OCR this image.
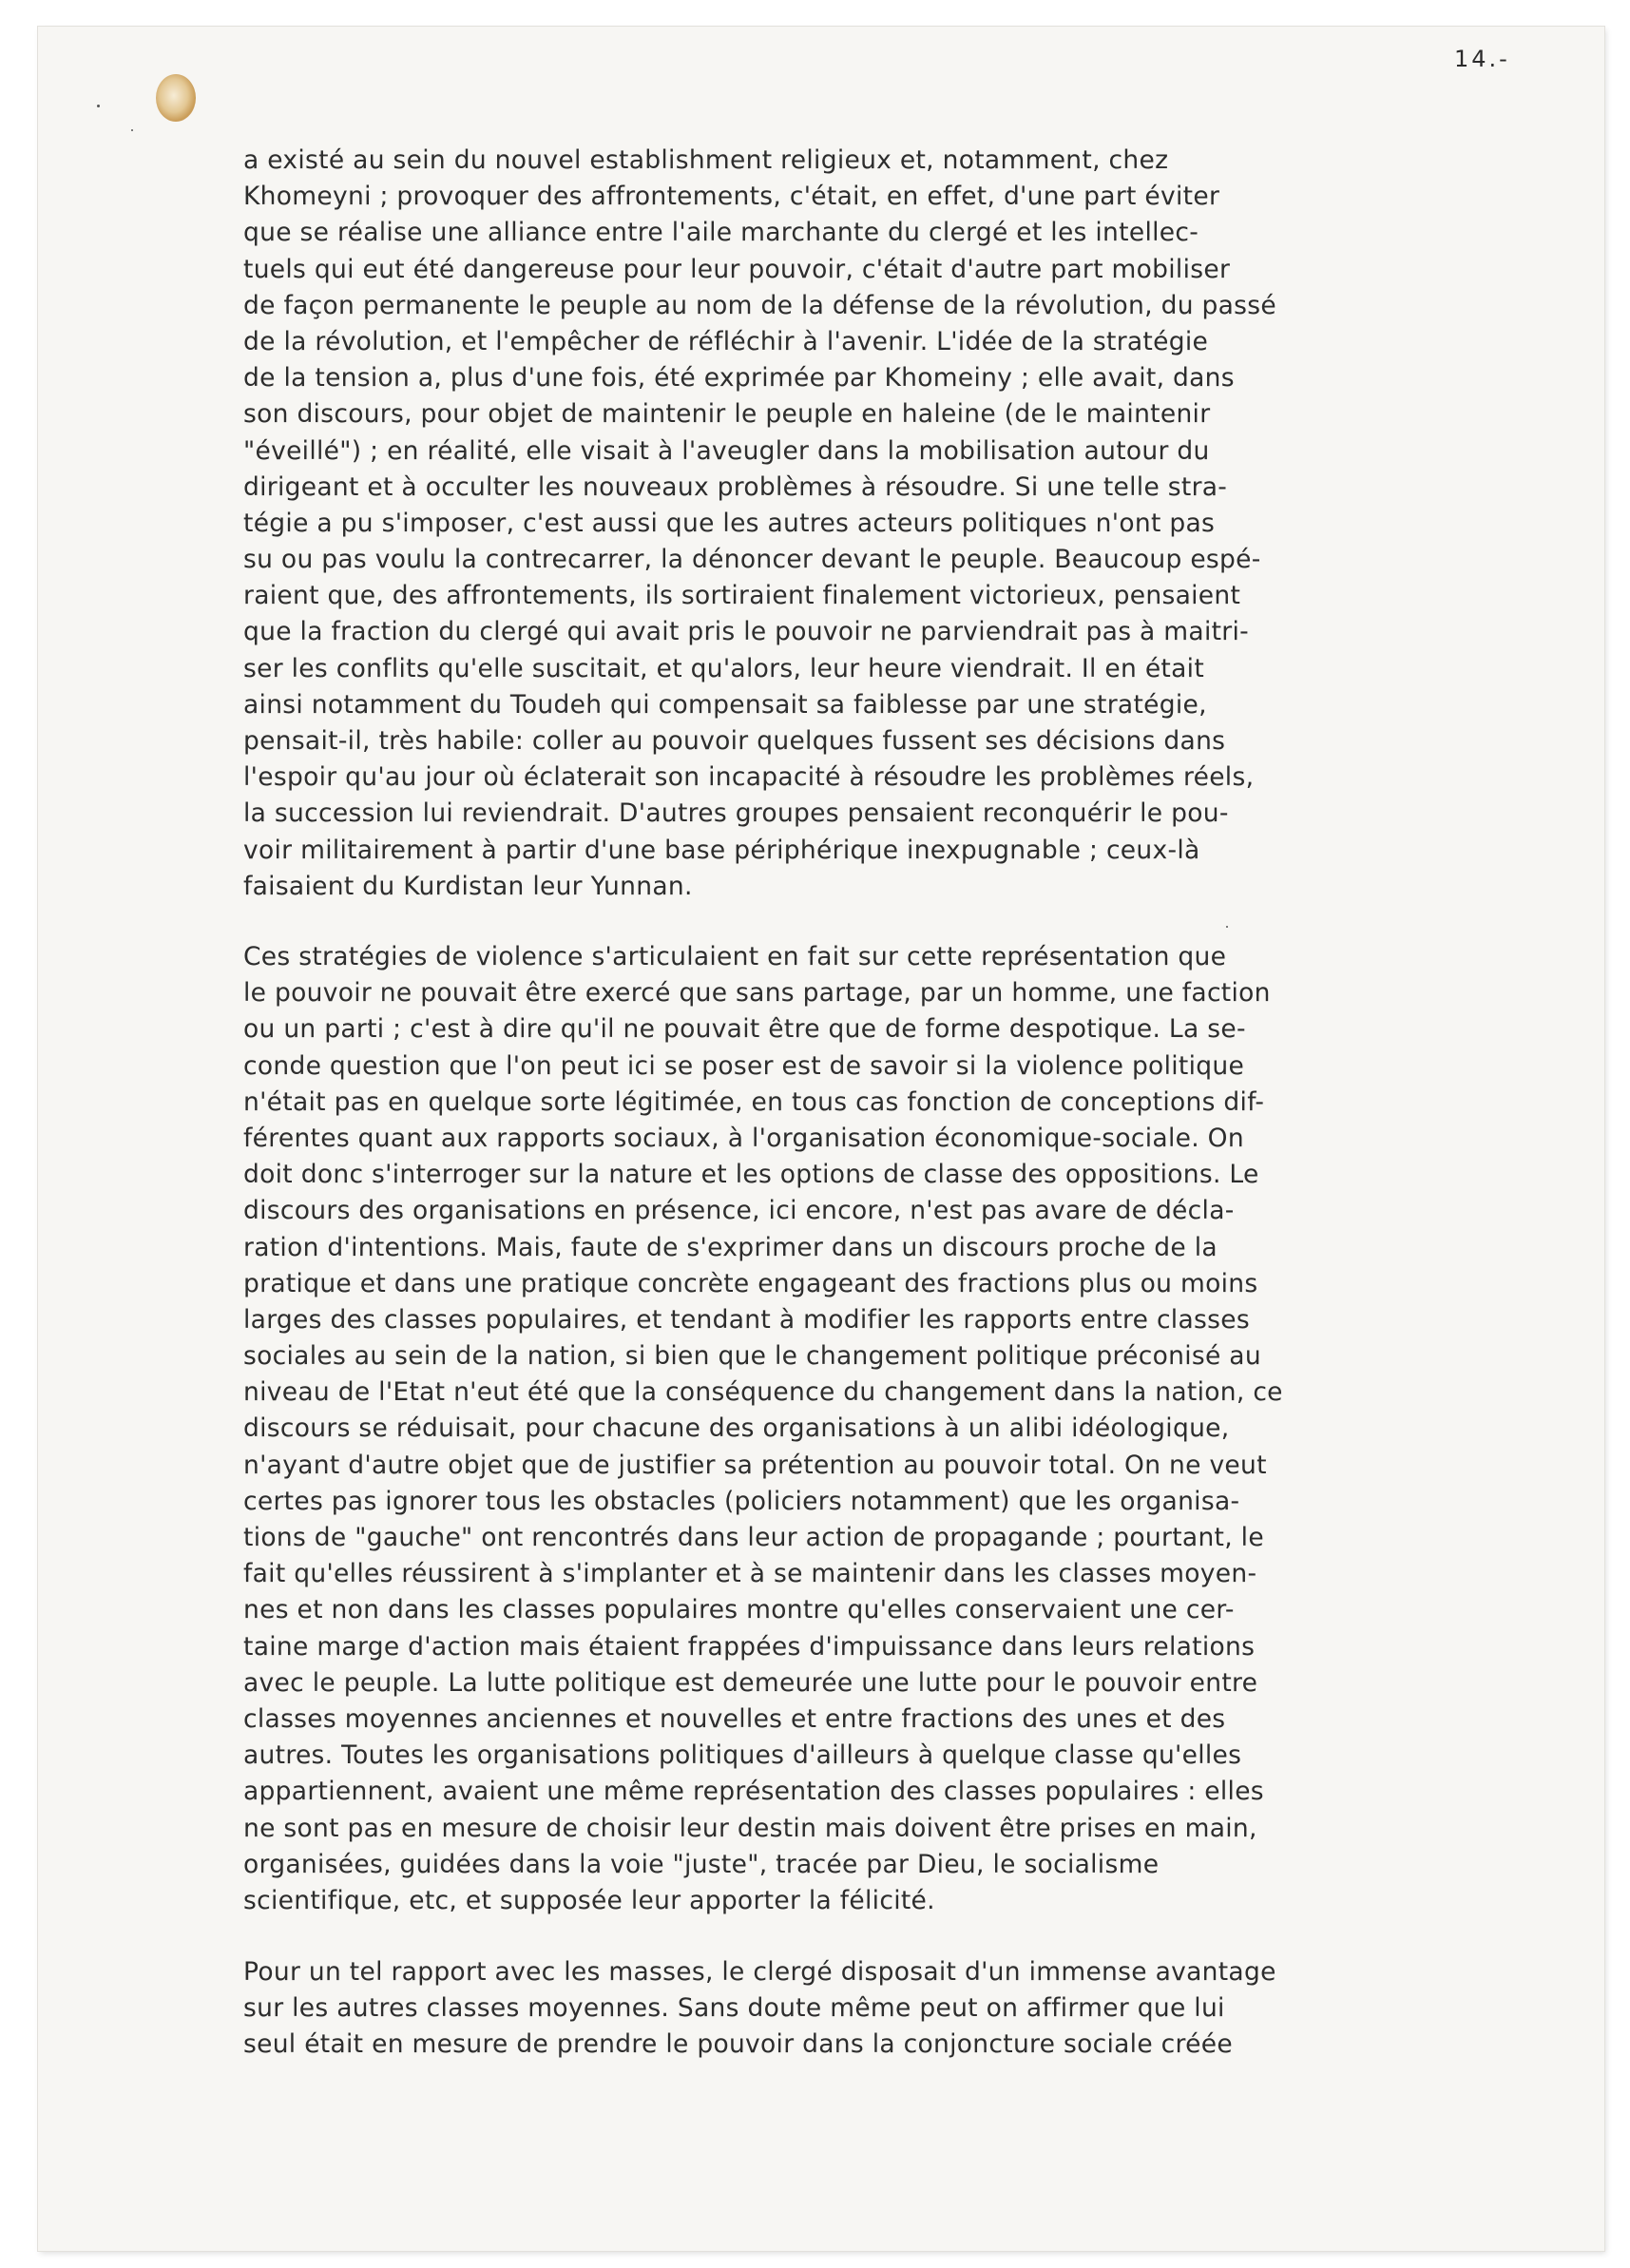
14.-
a existé au sein du nouvel establishment religieux et, notamment, chez
Khomeyni ; provoquer des affrontements, c'était, en effet, d'une part éviter
que se réalise une alliance entre l'aile marchante du clergé et les intellec-
tuels qui eut été dangereuse pour leur pouvoir, c'était d'autre part mobiliser
de façon permanente le peuple au nom de la défense de la révolution, du passé
de la révolution, et l'empêcher de réfléchir à l'avenir. L'idée de la stratégie
de la tension a, plus d'une fois, été exprimée par Khomeiny ; elle avait, dans
son discours, pour objet de maintenir le peuple en haleine (de le maintenir
"éveillé") ; en réalité, elle visait à l'aveugler dans la mobilisation autour du
dirigeant et à occulter les nouveaux problèmes à résoudre. Si une telle stra-
tégie a pu s'imposer, c'est aussi que les autres acteurs politiques n'ont pas
su ou pas voulu la contrecarrer, la dénoncer devant le peuple. Beaucoup espé-
raient que, des affrontements, ils sortiraient finalement victorieux, pensaient
que la fraction du clergé qui avait pris le pouvoir ne parviendrait pas à maitri-
ser les conflits qu'elle suscitait, et qu'alors, leur heure viendrait. Il en était
ainsi notamment du Toudeh qui compensait sa faiblesse par une stratégie,
pensait-il, très habile: coller au pouvoir quelques fussent ses décisions dans
l'espoir qu'au jour où éclaterait son incapacité à résoudre les problèmes réels,
la succession lui reviendrait. D'autres groupes pensaient reconquérir le pou-
voir militairement à partir d'une base périphérique inexpugnable ; ceux-là
faisaient du Kurdistan leur Yunnan.
Ces stratégies de violence s'articulaient en fait sur cette représentation que
le pouvoir ne pouvait être exercé que sans partage, par un homme, une faction
ou un parti ; c'est à dire qu'il ne pouvait être que de forme despotique. La se-
conde question que l'on peut ici se poser est de savoir si la violence politique
n'était pas en quelque sorte légitimée, en tous cas fonction de conceptions dif-
férentes quant aux rapports sociaux, à l'organisation économique-sociale. On
doit donc s'interroger sur la nature et les options de classe des oppositions. Le
discours des organisations en présence, ici encore, n'est pas avare de décla-
ration d'intentions. Mais, faute de s'exprimer dans un discours proche de la
pratique et dans une pratique concrète engageant des fractions plus ou moins
larges des classes populaires, et tendant à modifier les rapports entre classes
sociales au sein de la nation, si bien que le changement politique préconisé au
niveau de l'Etat n'eut été que la conséquence du changement dans la nation, ce
discours se réduisait, pour chacune des organisations à un alibi idéologique,
n'ayant d'autre objet que de justifier sa prétention au pouvoir total. On ne veut
certes pas ignorer tous les obstacles (policiers notamment) que les organisa-
tions de "gauche" ont rencontrés dans leur action de propagande ; pourtant, le
fait qu'elles réussirent à s'implanter et à se maintenir dans les classes moyen-
nes et non dans les classes populaires montre qu'elles conservaient une cer-
taine marge d'action mais étaient frappées d'impuissance dans leurs relations
avec le peuple. La lutte politique est demeurée une lutte pour le pouvoir entre
classes moyennes anciennes et nouvelles et entre fractions des unes et des
autres. Toutes les organisations politiques d'ailleurs à quelque classe qu'elles
appartiennent, avaient une même représentation des classes populaires : elles
ne sont pas en mesure de choisir leur destin mais doivent être prises en main,
organisées, guidées dans la voie "juste", tracée par Dieu, le socialisme
scientifique, etc, et supposée leur apporter la félicité.
Pour un tel rapport avec les masses, le clergé disposait d'un immense avantage
sur les autres classes moyennes. Sans doute même peut on affirmer que lui
seul était en mesure de prendre le pouvoir dans la conjoncture sociale créée
